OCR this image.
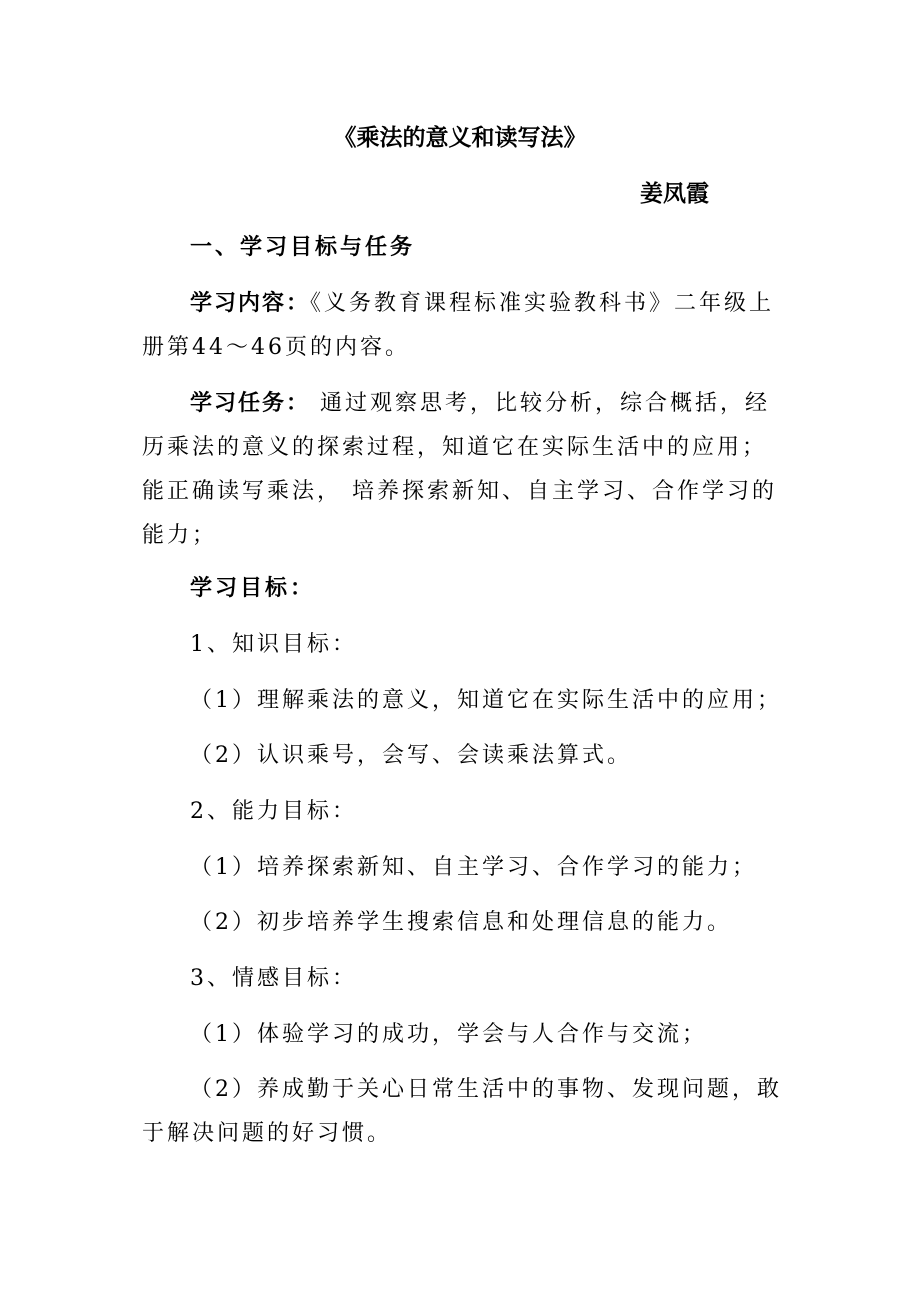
《乘法的意义和读写法》
姜凤霞
一、学习目标与任务
学习内容：《义务教育课程标准实验教科书》二年级上册第44～46页的内容。
学习任务： 通过观察思考，比较分析，综合概括，经历乘法的意义的探索过程，知道它在实际生活中的应用；能正确读写乘法， 培养探索新知、自主学习、合作学习的能力；
学习目标：
1、知识目标：
（1）理解乘法的意义，知道它在实际生活中的应用；
（2）认识乘号，会写、会读乘法算式。
2、能力目标：
（1）培养探索新知、自主学习、合作学习的能力；
（2）初步培养学生搜索信息和处理信息的能力。
3、情感目标：
（1）体验学习的成功，学会与人合作与交流；
（2）养成勤于关心日常生活中的事物、发现问题，敢于解决问题的好习惯。
